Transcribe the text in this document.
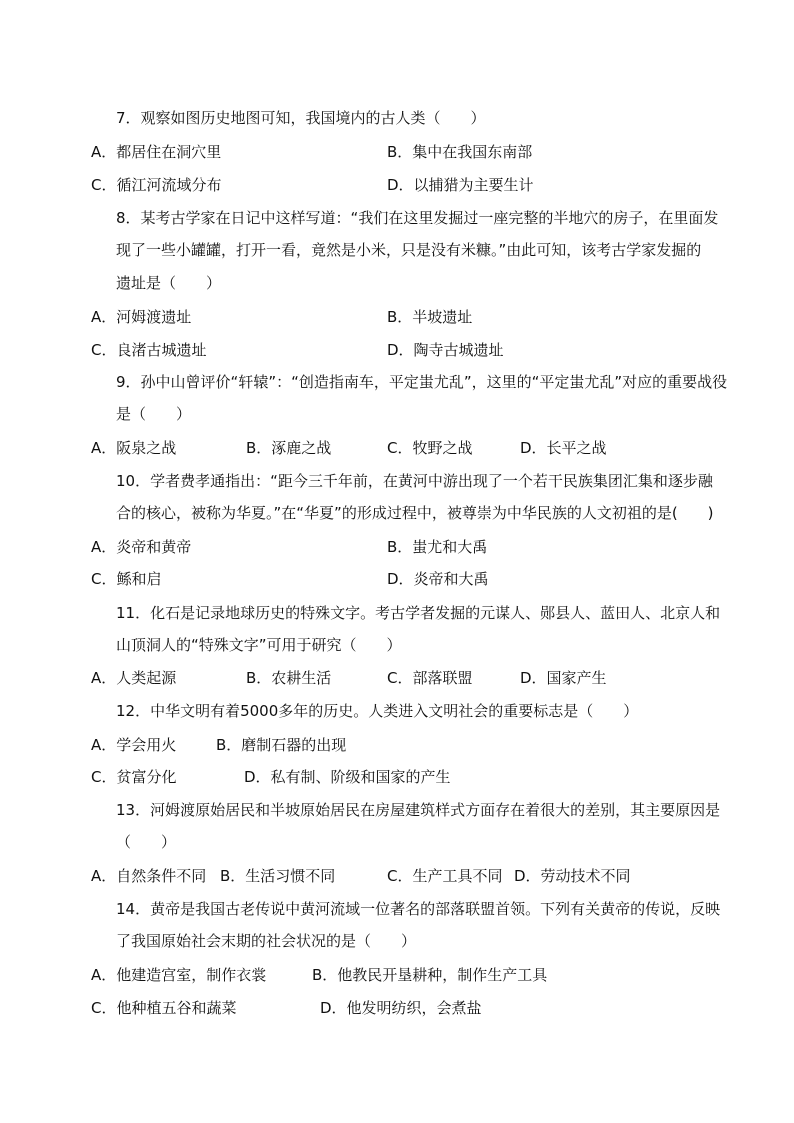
7．观察如图历史地图可知，我国境内的古人类（　　）
A．都居住在洞穴里	B．集中在我国东南部
C．循江河流域分布	D．以捕猎为主要生计
8．某考古学家在日记中这样写道：“我们在这里发掘过一座完整的半地穴的房子，在里面发
现了一些小罐罐，打开一看，竟然是小米，只是没有米糠。”由此可知，该考古学家发掘的
遗址是（　　）
A．河姆渡遗址	B．半坡遗址
C．良渚古城遗址	D．陶寺古城遗址
9．孙中山曾评价“轩辕”：“创造指南车，平定蚩尤乱”，这里的“平定蚩尤乱”对应的重要战役
是（　　）
A．阪泉之战	B．涿鹿之战	C．牧野之战	D．长平之战
10．学者费孝通指出：“距今三千年前，在黄河中游出现了一个若干民族集团汇集和逐步融
合的核心，被称为华夏。”在“华夏”的形成过程中，被尊崇为中华民族的人文初祖的是(　　)
A．炎帝和黄帝	B．蚩尤和大禹
C．鲧和启	D．炎帝和大禹
11．化石是记录地球历史的特殊文字。考古学者发掘的元谋人、郧县人、蓝田人、北京人和
山顶洞人的“特殊文字”可用于研究（　　）
A．人类起源	B．农耕生活	C．部落联盟	D．国家产生
12．中华文明有着5000多年的历史。人类进入文明社会的重要标志是（　　）
A．学会用火	B．磨制石器的出现
C．贫富分化	D．私有制、阶级和国家的产生
13．河姆渡原始居民和半坡原始居民在房屋建筑样式方面存在着很大的差别，其主要原因是
（　　）
A．自然条件不同 B．生活习惯不同	C．生产工具不同 D．劳动技术不同
14．黄帝是我国古老传说中黄河流域一位著名的部落联盟首领。下列有关黄帝的传说，反映
了我国原始社会末期的社会状况的是（　　）
A．他建造宫室，制作衣裳	B．他教民开垦耕种，制作生产工具
C．他种植五谷和蔬菜	D．他发明纺织，会煮盐
